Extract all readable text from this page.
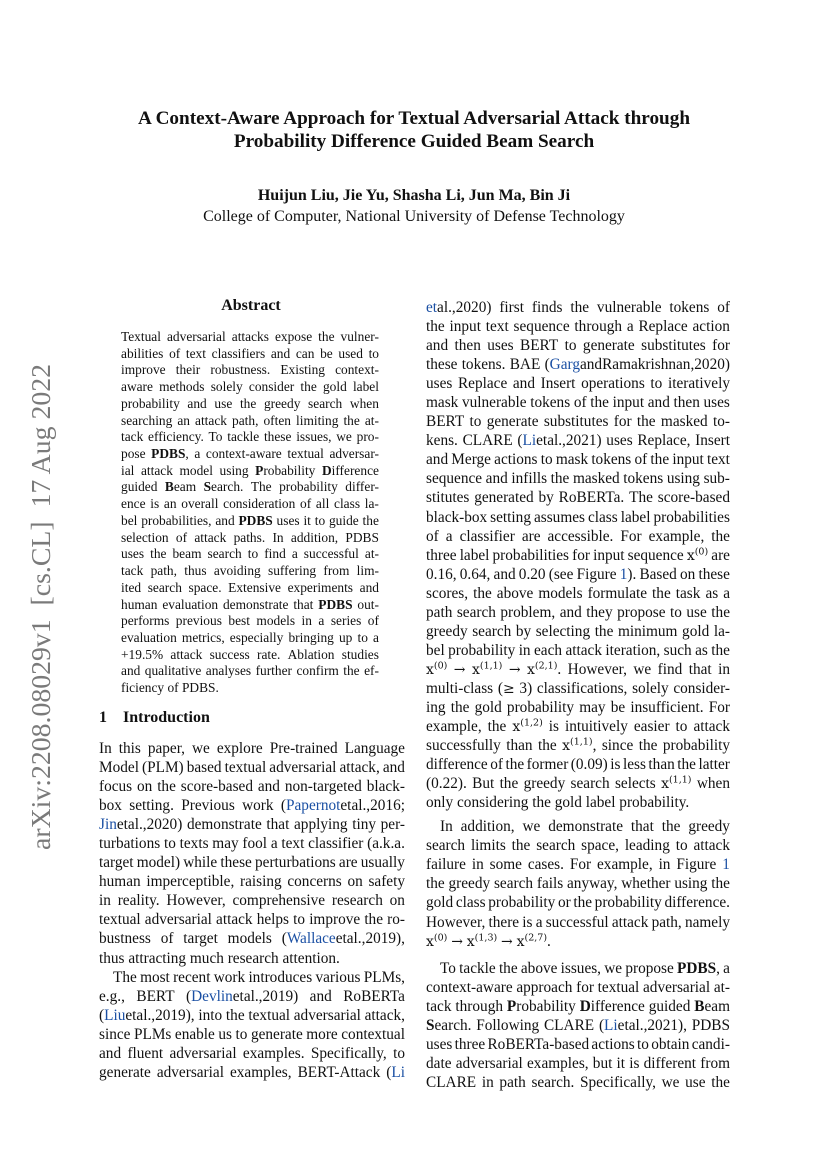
arXiv:2208.08029v1  [cs.CL]  17 Aug 2022
A Context-Aware Approach for Textual Adversarial Attack through
Probability Difference Guided Beam Search
Huijun Liu, Jie Yu, Shasha Li, Jun Ma, Bin Ji
College of Computer, National University of Defense Technology
Abstract
Textual adversarial attacks expose the vulner-
abilities of text classifiers and can be used to
improve their robustness. Existing context-
aware methods solely consider the gold label
probability and use the greedy search when
searching an attack path, often limiting the at-
tack efficiency. To tackle these issues, we pro-
pose PDBS, a context-aware textual adversar-
ial attack model using Probability Difference
guided Beam Search. The probability differ-
ence is an overall consideration of all class la-
bel probabilities, and PDBS uses it to guide the
selection of attack paths. In addition, PDBS
uses the beam search to find a successful at-
tack path, thus avoiding suffering from lim-
ited search space. Extensive experiments and
human evaluation demonstrate that PDBS out-
performs previous best models in a series of
evaluation metrics, especially bringing up to a
+19.5% attack success rate. Ablation studies
and qualitative analyses further confirm the ef-
ficiency of PDBS.
1 Introduction
In this paper, we explore Pre-trained Language
Model (PLM) based textual adversarial attack, and
focus on the score-based and non-targeted black-
box setting. Previous work (Papernotetal.,2016;
Jinetal.,2020) demonstrate that applying tiny per-
turbations to texts may fool a text classifier (a.k.a.
target model) while these perturbations are usually
human imperceptible, raising concerns on safety
in reality. However, comprehensive research on
textual adversarial attack helps to improve the ro-
bustness of target models (Wallaceetal.,2019),
thus attracting much research attention.
The most recent work introduces various PLMs,
e.g., BERT (Devlinetal.,2019) and RoBERTa
(Liuetal.,2019), into the textual adversarial attack,
since PLMs enable us to generate more contextual
and fluent adversarial examples. Specifically, to
generate adversarial examples, BERT-Attack (Li
etal.,2020) first finds the vulnerable tokens of
the input text sequence through a Replace action
and then uses BERT to generate substitutes for
these tokens. BAE (GargandRamakrishnan,2020)
uses Replace and Insert operations to iteratively
mask vulnerable tokens of the input and then uses
BERT to generate substitutes for the masked to-
kens. CLARE (Lietal.,2021) uses Replace, Insert
and Merge actions to mask tokens of the input text
sequence and infills the masked tokens using sub-
stitutes generated by RoBERTa. The score-based
black-box setting assumes class label probabilities
of a classifier are accessible. For example, the
three label probabilities for input sequence $x^{(0)}$ are
0.16, 0.64, and 0.20 (see Figure 1). Based on these
scores, the above models formulate the task as a
path search problem, and they propose to use the
greedy search by selecting the minimum gold la-
bel probability in each attack iteration, such as the
$x^{(0)} \to x^{(1,1)} \to x^{(2,1)}$. However, we find that in
multi-class (≥ 3) classifications, solely consider-
ing the gold probability may be insufficient. For
example, the $x^{(1,2)}$ is intuitively easier to attack
successfully than the $x^{(1,1)}$, since the probability
difference of the former (0.09) is less than the latter
(0.22). But the greedy search selects $x^{(1,1)}$ when
only considering the gold label probability.
In addition, we demonstrate that the greedy
search limits the search space, leading to attack
failure in some cases. For example, in Figure 1
the greedy search fails anyway, whether using the
gold class probability or the probability difference.
However, there is a successful attack path, namely
$x^{(0)} \to x^{(1,3)} \to x^{(2,7)}$.
To tackle the above issues, we propose PDBS, a
context-aware approach for textual adversarial at-
tack through Probability Difference guided Beam
Search. Following CLARE (Lietal.,2021), PDBS
uses three RoBERTa-based actions to obtain candi-
date adversarial examples, but it is different from
CLARE in path search. Specifically, we use the
